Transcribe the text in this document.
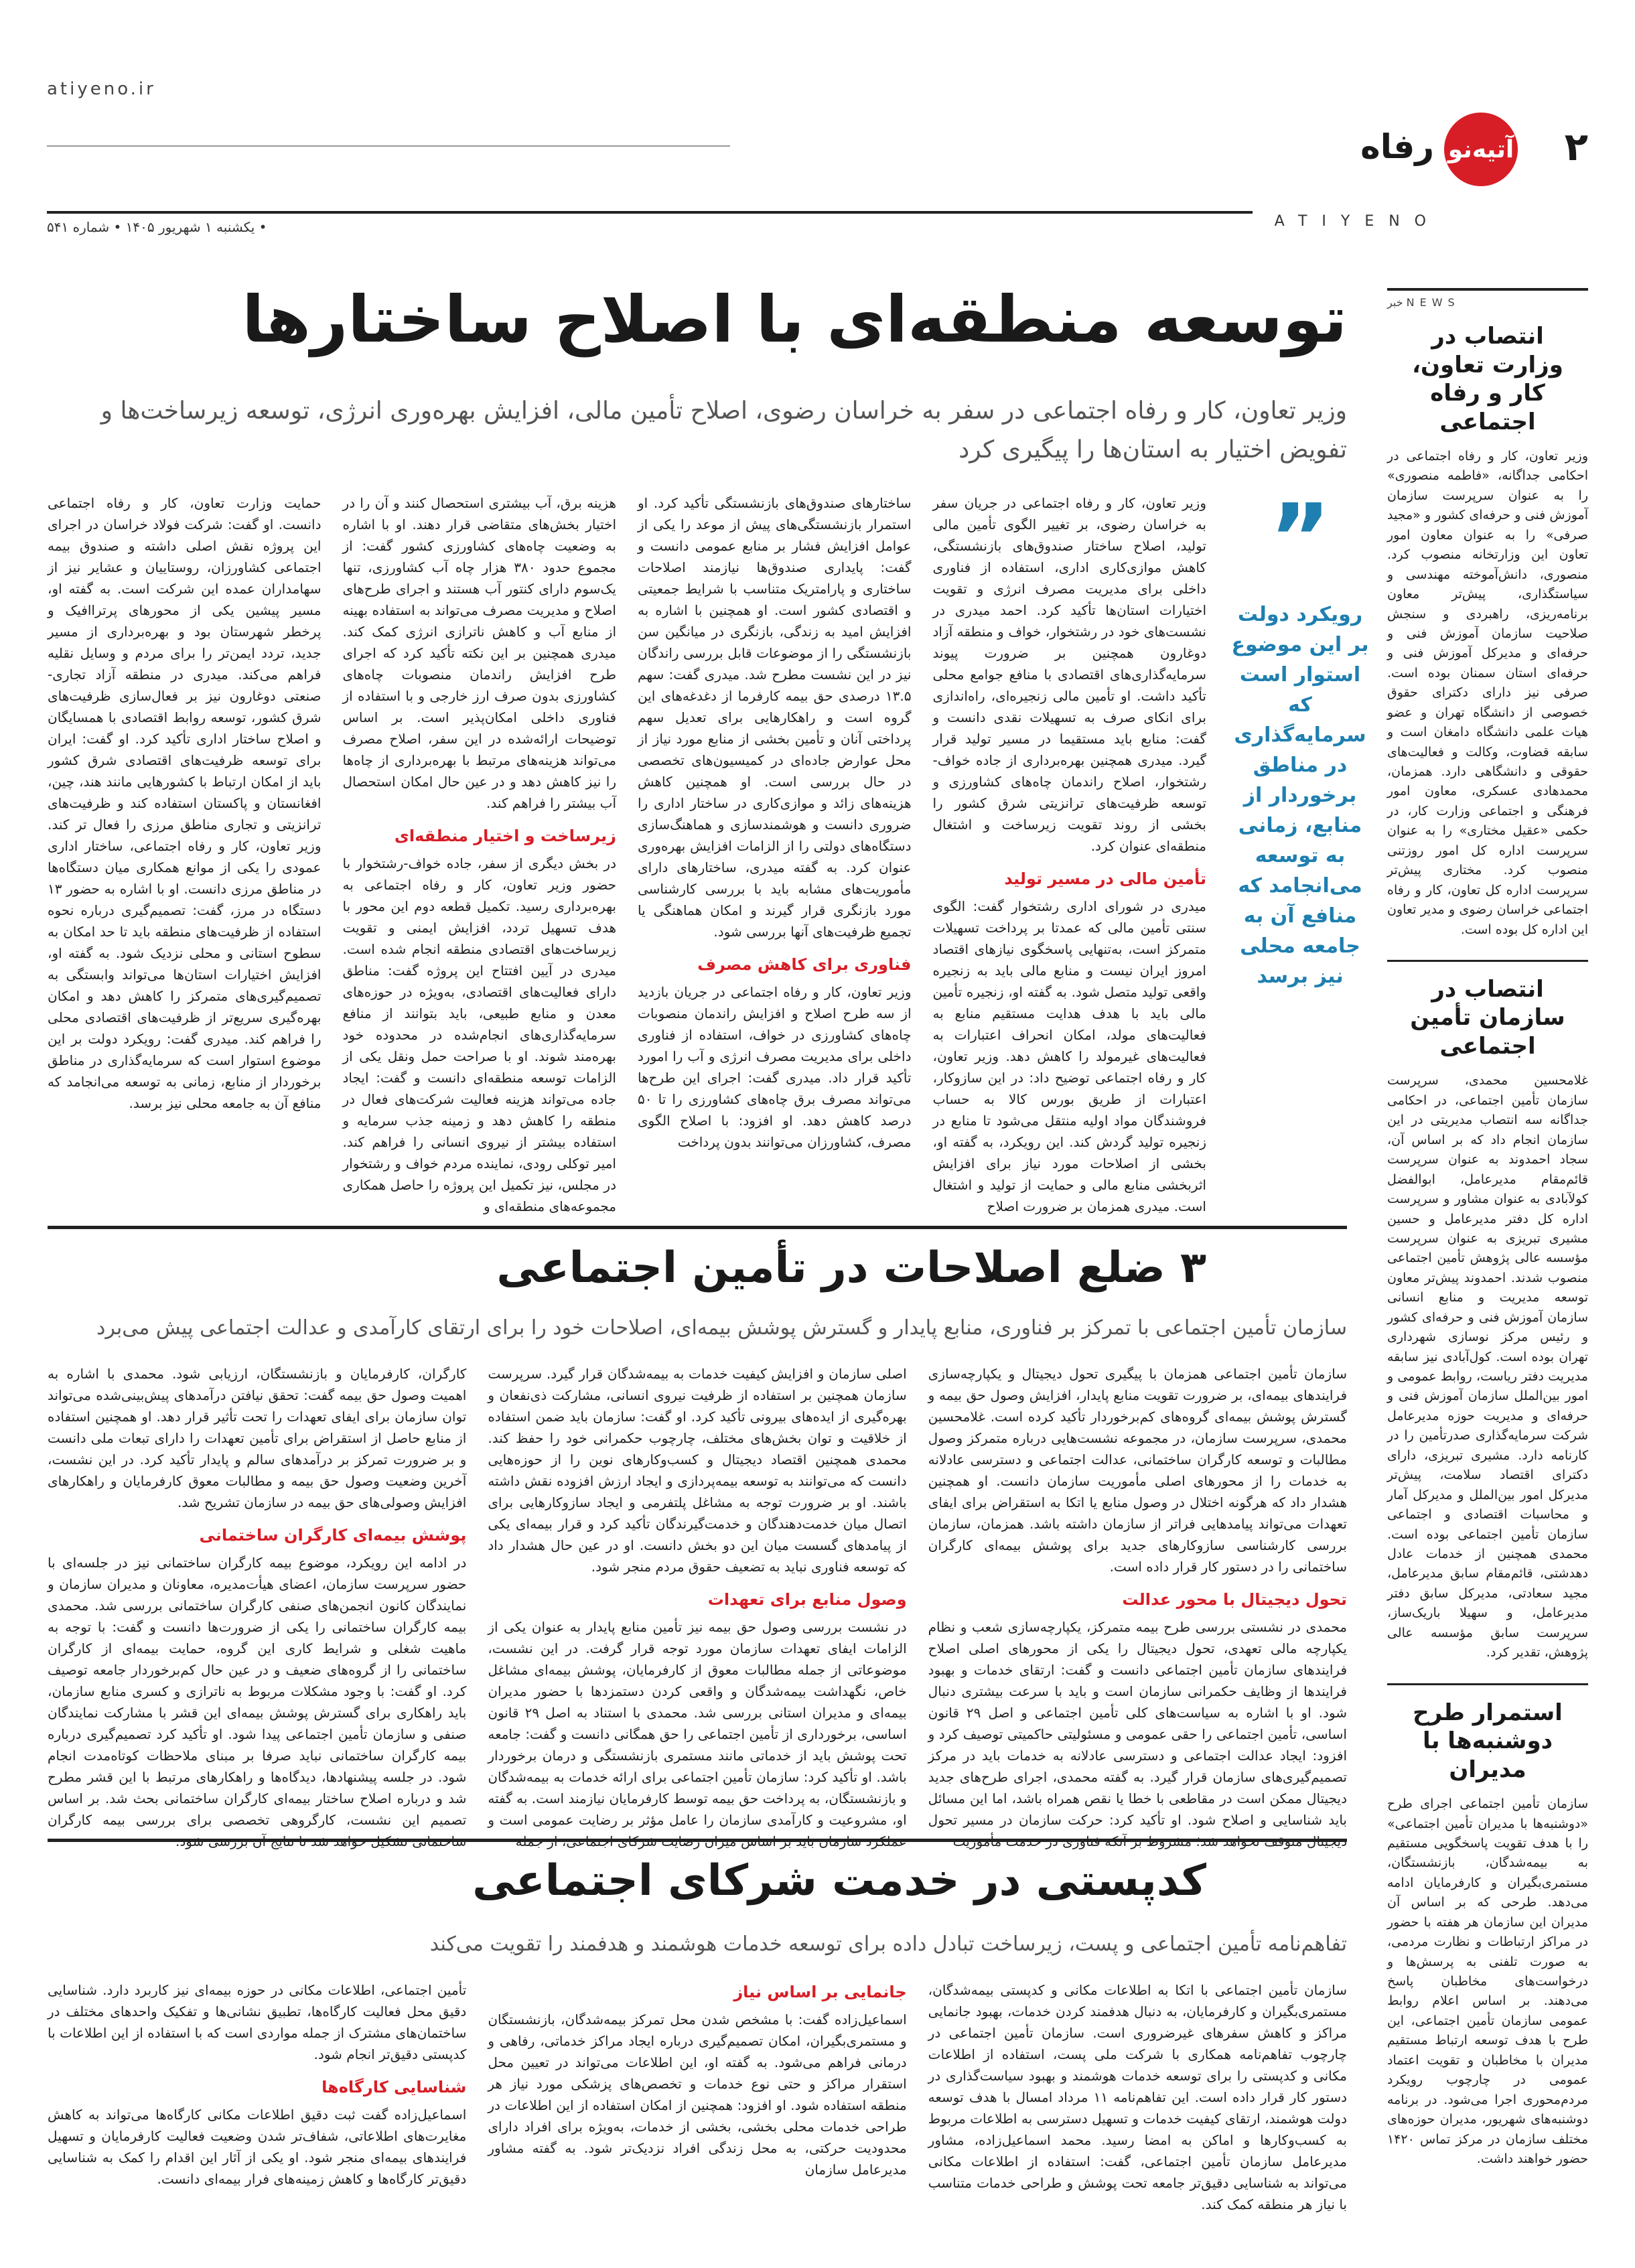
atiyeno.ir
۲
آتیه‌نو
رفاه
ATIYENO
• یکشنبه ۱ شهریور ۱۴۰۵ • شماره ۵۴۱
خبر NEWS
انتصاب در وزارت تعاون، کار و رفاه اجتماعی

وزیر تعاون، کار و رفاه اجتماعی در احکامی جداگانه، «فاطمه منصوری» را به عنوان سرپرست سازمان آموزش فنی و حرفه‌ای کشور و «مجید صرفی» را به عنوان معاون امور تعاون این وزارتخانه منصوب کرد. منصوری، دانش‌آموخته مهندسی و سیاستگذاری، پیش‌تر معاون برنامه‌ریزی، راهبردی و سنجش صلاحیت سازمان آموزش فنی و حرفه‌ای و مدیرکل آموزش فنی و حرفه‌ای استان سمنان بوده است. صرفی نیز دارای دکترای حقوق خصوصی از دانشگاه تهران و عضو هیات علمی دانشگاه دامغان است و سابقه قضاوت، وکالت و فعالیت‌های حقوقی و دانشگاهی دارد. همزمان، محمدهادی عسکری، معاون امور فرهنگی و اجتماعی وزارت کار، در حکمی «عقیل مختاری» را به عنوان سرپرست اداره کل امور روزتنی منصوب کرد. مختاری پیش‌تر سرپرست اداره کل تعاون، کار و رفاه اجتماعی خراسان رضوی و مدیر تعاون این اداره کل بوده است.

انتصاب در سازمان تأمین اجتماعی

غلامحسین محمدی، سرپرست سازمان تأمین اجتماعی، در احکامی جداگانه سه انتصاب مدیریتی در این سازمان انجام داد که بر اساس آن، سجاد احمدوند به عنوان سرپرست قائم‌مقام مدیرعامل، ابوالفضل کولآبادی به عنوان مشاور و سرپرست اداره کل دفتر مدیرعامل و حسین مشیری تبریزی به عنوان سرپرست مؤسسه عالی پژوهش تأمین اجتماعی منصوب شدند. احمدوند پیش‌تر معاون توسعه مدیریت و منابع انسانی سازمان آموزش فنی و حرفه‌ای کشور و رئیس مرکز نوسازی شهرداری تهران بوده است. کول‌آبادی نیز سابقه مدیریت دفتر ریاست، روابط عمومی و امور بین‌الملل سازمان آموزش فنی و حرفه‌ای و مدیریت حوزه مدیرعامل شرکت سرمایه‌گذاری صدرتأمین را در کارنامه دارد. مشیری تبریزی، دارای دکترای اقتصاد سلامت، پیش‌تر مدیرکل امور بین‌الملل و مدیرکل آمار و محاسبات اقتصادی و اجتماعی سازمان تأمین اجتماعی بوده است. محمدی همچنین از خدمات عادل دهدشتی، قائم‌مقام سابق مدیرعامل، مجید سعادتی، مدیرکل سابق دفتر مدیرعامل، و سهیلا باریک‌ساز، سرپرست سابق مؤسسه عالی پژوهش، تقدیر کرد.

استمرار طرح دوشنبه‌ها با مدیران

سازمان تأمین اجتماعی اجرای طرح «دوشنبه‌ها با مدیران تأمین اجتماعی» را با هدف تقویت پاسخگویی مستقیم به بیمه‌شدگان، بازنشستگان، مستمری‌بگیران و کارفرمایان ادامه می‌دهد. طرحی که بر اساس آن مدیران این سازمان هر هفته با حضور در مراکز ارتباطات و نظارت مردمی، به صورت تلفنی به پرسش‌ها و درخواست‌های مخاطبان پاسخ می‌دهند. بر اساس اعلام روابط عمومی سازمان تأمین اجتماعی، این طرح با هدف توسعه ارتباط مستقیم مدیران با مخاطبان و تقویت اعتماد عمومی در چارچوب رویکرد مردم‌محوری اجرا می‌شود. در برنامه دوشنبه‌های شهریور، مدیران حوزه‌های مختلف سازمان در مرکز تماس ۱۴۲۰ حضور خواهند داشت.

توسعه منطقه‌ای با اصلاح ساختارها
وزیر تعاون، کار و رفاه اجتماعی در سفر به خراسان رضوی، اصلاح تأمین مالی، افزایش بهره‌وری انرژی، توسعه زیرساخت‌ها و تفویض اختیار به استان‌ها را پیگیری کرد
”

رویکرد دولت بر این موضوع استوار است که سرمایه‌گذاری در مناطق برخوردار از منابع، زمانی به توسعه می‌انجامد که منافع آن به جامعه محلی نیز برسد

وزیر تعاون، کار و رفاه اجتماعی در جریان سفر به خراسان رضوی، بر تغییر الگوی تأمین مالی تولید، اصلاح ساختار صندوق‌های بازنشستگی، کاهش موازی‌کاری اداری، استفاده از فناوری داخلی برای مدیریت مصرف انرژی و تقویت اختیارات استان‌ها تأکید کرد. احمد میدری در نشست‌های خود در رشتخوار، خواف و منطقه آزاد دوغارون همچنین بر ضرورت پیوند سرمایه‌گذاری‌های اقتصادی با منافع جوامع محلی تأکید داشت. او تأمین مالی زنجیره‌ای، راه‌اندازی برای انکای صرف به تسهیلات نقدی دانست و گفت: منابع باید مستقیما در مسیر تولید قرار گیرد. میدری همچنین بهره‌برداری از جاده خواف-رشتخوار، اصلاح راندمان چاه‌های کشاورزی و توسعه ظرفیت‌های ترانزیتی شرق کشور را بخشی از روند تقویت زیرساخت و اشتغال منطقه‌ای عنوان کرد.

تأمین مالی در مسیر تولید

میدری در شورای اداری رشتخوار گفت: الگوی سنتی تأمین مالی که عمدتا بر پرداخت تسهیلات متمرکز است، به‌تنهایی پاسخگوی نیازهای اقتصاد امروز ایران نیست و منابع مالی باید به زنجیره واقعی تولید متصل شود. به گفته او، زنجیره تأمین مالی باید با هدف هدایت مستقیم منابع به فعالیت‌های مولد، امکان انحراف اعتبارات به فعالیت‌های غیرمولد را کاهش دهد. وزیر تعاون، کار و رفاه اجتماعی توضیح داد: در این سازوکار، اعتبارات از طریق بورس کالا به حساب فروشندگان مواد اولیه منتقل می‌شود تا منابع در زنجیره تولید گردش کند. این رویکرد، به گفته او، بخشی از اصلاحات مورد نیاز برای افزایش اثربخشی منابع مالی و حمایت از تولید و اشتغال است. میدری همزمان بر ضرورت اصلاح

ساختارهای صندوق‌های بازنشستگی تأکید کرد. او استمرار بازنشستگی‌های پیش از موعد را یکی از عوامل افزایش فشار بر منابع عمومی دانست و گفت: پایداری صندوق‌ها نیازمند اصلاحات ساختاری و پارامتریک متناسب با شرایط جمعیتی و اقتصادی کشور است. او همچنین با اشاره به افزایش امید به زندگی، بازنگری در میانگین سن بازنشستگی را از موضوعات قابل بررسی راندگان نیز در این نشست مطرح شد. میدری گفت: سهم ۱۳.۵ درصدی حق بیمه کارفرما از دغدغه‌های این گروه است و راهکارهایی برای تعدیل سهم پرداختی آنان و تأمین بخشی از منابع مورد نیاز از محل عوارض جاده‌ای در کمیسیون‌های تخصصی در حال بررسی است. او همچنین کاهش هزینه‌های زائد و موازی‌کاری در ساختار اداری را ضروری دانست و هوشمندسازی و هماهنگ‌سازی دستگاه‌های دولتی را از الزامات افزایش بهره‌وری عنوان کرد. به گفته میدری، ساختارهای دارای مأموریت‌های مشابه باید با بررسی کارشناسی مورد بازنگری قرار گیرند و امکان هماهنگی یا تجمیع ظرفیت‌های آنها بررسی شود.

فناوری برای کاهش مصرف

وزیر تعاون، کار و رفاه اجتماعی در جریان بازدید از سه طرح اصلاح و افزایش راندمان منصوبات چاه‌های کشاورزی در خواف، استفاده از فناوری داخلی برای مدیریت مصرف انرژی و آب را امورد تأکید قرار داد. میدری گفت: اجرای این طرح‌ها می‌تواند مصرف برق چاه‌های کشاورزی را تا ۵۰ درصد کاهش دهد. او افزود: با اصلاح الگوی مصرف، کشاورزان می‌توانند بدون پرداخت

هزینه برق، آب بیشتری استحصال کنند و آن را در اختیار بخش‌های متقاضی قرار دهند. او با اشاره به وضعیت چاه‌های کشاورزی کشور گفت: از مجموع حدود ۳۸۰ هزار چاه آب کشاورزی، تنها یک‌سوم دارای کنتور آب هستند و اجرای طرح‌های اصلاح و مدیریت مصرف می‌تواند به استفاده بهینه از منابع آب و کاهش ناترازی انرژی کمک کند. میدری همچنین بر این نکته تأکید کرد که اجرای طرح افزایش راندمان منصوبات چاه‌های کشاورزی بدون صرف ارز خارجی و با استفاده از فناوری داخلی امکان‌پذیر است. بر اساس توضیحات ارائه‌شده در این سفر، اصلاح مصرف می‌تواند هزینه‌های مرتبط با بهره‌برداری از چاه‌ها را نیز کاهش دهد و در عین حال امکان استحصال آب بیشتر را فراهم کند.

زیرساخت و اختیار منطقه‌ای

در بخش دیگری از سفر، جاده خواف-رشتخوار با حضور وزیر تعاون، کار و رفاه اجتماعی به بهره‌برداری رسید. تکمیل قطعه دوم این محور با هدف تسهیل تردد، افزایش ایمنی و تقویت زیرساخت‌های اقتصادی منطقه انجام شده است. میدری در آیین افتتاح این پروژه گفت: مناطق دارای فعالیت‌های اقتصادی، به‌ویژه در حوزه‌های معدن و منابع طبیعی، باید بتوانند از منافع سرمایه‌گذاری‌های انجام‌شده در محدوده خود بهره‌مند شوند. او با صراحت حمل ونقل یکی از الزامات توسعه منطقه‌ای دانست و گفت: ایجاد جاده می‌تواند هزینه فعالیت شرکت‌های فعال در منطقه را کاهش دهد و زمینه جذب سرمایه و استفاده بیشتر از نیروی انسانی را فراهم کند. امیر توکلی رودی، نماینده مردم خواف و رشتخوار در مجلس، نیز تکمیل این پروژه را حاصل همکاری مجموعه‌های منطقه‌ای و

حمایت وزارت تعاون، کار و رفاه اجتماعی دانست. او گفت: شرکت فولاد خراسان در اجرای این پروژه نقش اصلی داشته و صندوق بیمه اجتماعی کشاورزان، روستاییان و عشایر نیز از سهامداران عمده این شرکت است. به گفته او، مسیر پیشین یکی از محورهای پرتراافیک و پرخطر شهرستان بود و بهره‌برداری از مسیر جدید، تردد ایمن‌تر را برای مردم و وسایل نقلیه فراهم می‌کند. میدری در منطقه آزاد تجاری-صنعتی دوغارون نیز بر فعال‌سازی ظرفیت‌های شرق کشور، توسعه روابط اقتصادی با همسایگان و اصلاح ساختار اداری تأکید کرد. او گفت: ایران برای توسعه ظرفیت‌های اقتصادی شرق کشور باید از امکان ارتباط با کشورهایی مانند هند، چین، افغانستان و پاکستان استفاده کند و ظرفیت‌های ترانزیتی و تجاری مناطق مرزی را فعال تر کند. وزیر تعاون، کار و رفاه اجتماعی، ساختار اداری عمودی را یکی از موانع همکاری میان دستگاه‌ها در مناطق مرزی دانست. او با اشاره به حضور ۱۳ دستگاه در مرز، گفت: تصمیم‌گیری درباره نحوه استفاده از ظرفیت‌های منطقه باید تا حد امکان به سطوح استانی و محلی نزدیک شود. به گفته او، افزایش اختیارات استان‌ها می‌تواند وابستگی به تصمیم‌گیری‌های متمرکز را کاهش دهد و امکان بهره‌گیری سریع‌تر از ظرفیت‌های اقتصادی محلی را فراهم کند. میدری گفت: رویکرد دولت بر این موضوع استوار است که سرمایه‌گذاری در مناطق برخوردار از منابع، زمانی به توسعه می‌انجامد که منافع آن به جامعه محلی نیز برسد.

۳ ضلع اصلاحات در تأمین اجتماعی
سازمان تأمین اجتماعی با تمرکز بر فناوری، منابع پایدار و گسترش پوشش بیمه‌ای، اصلاحات خود را برای ارتقای کارآمدی و عدالت اجتماعی پیش می‌برد

سازمان تأمین اجتماعی همزمان با پیگیری تحول دیجیتال و یکپارچه‌سازی فرایندهای بیمه‌ای، بر ضرورت تقویت منابع پایدار، افزایش وصول حق بیمه و گسترش پوشش بیمه‌ای گروه‌های کم‌برخوردار تأکید کرده است. غلامحسین محمدی، سرپرست سازمان، در مجموعه نشست‌هایی درباره متمرکز وصول مطالبات و توسعه کارگران ساختمانی، عدالت اجتماعی و دسترسی عادلانه به خدمات را از محورهای اصلی مأموریت سازمان دانست. او همچنین هشدار داد که هرگونه اختلال در وصول منابع یا اتکا به استقراض برای ایفای تعهدات می‌تواند پیامدهایی فراتر از سازمان داشته باشد. همزمان، سازمان بررسی کارشناسی سازوکارهای جدید برای پوشش بیمه‌ای کارگران ساختمانی را در دستور کار قرار داده است.

تحول دیجیتال با محور عدالت

محمدی در نشستی بررسی طرح بیمه متمرکز، یکپارچه‌سازی شعب و نظام یکپارچه مالی تعهدی، تحول دیجیتال را یکی از محورهای اصلی اصلاح فرایندهای سازمان تأمین اجتماعی دانست و گفت: ارتقای خدمات و بهبود فرایندها از وظایف حکمرانی سازمان است و باید با سرعت بیشتری دنبال شود. او با اشاره به سیاست‌های کلی تأمین اجتماعی و اصل ۲۹ قانون اساسی، تأمین اجتماعی را حقی عمومی و مسئولیتی حاکمیتی توصیف کرد و افزود: ایجاد عدالت اجتماعی و دسترسی عادلانه به خدمات باید در مرکز تصمیم‌گیری‌های سازمان قرار گیرد. به گفته محمدی، اجرای طرح‌های جدید دیجیتال ممکن است در مقاطعی با خطا یا نقص همراه باشد، اما این مسائل باید شناسایی و اصلاح شود. او تأکید کرد: حرکت سازمان در مسیر تحول

اصلی سازمان و افزایش کیفیت خدمات به بیمه‌شدگان قرار گیرد. سرپرست سازمان همچنین بر استفاده از ظرفیت نیروی انسانی، مشارکت ذی‌نفعان و بهره‌گیری از ایده‌های بیرونی تأکید کرد. او گفت: سازمان باید ضمن استفاده از خلاقیت و توان بخش‌های مختلف، چارچوب حکمرانی خود را حفظ کند. محمدی همچنین اقتصاد دیجیتال و کسب‌وکارهای نوین را از حوزه‌هایی دانست که می‌توانند به توسعه بیمه‌پردازی و ایجاد ارزش افزوده نقش داشته باشند. او بر ضرورت توجه به مشاغل پلتفرمی و ایجاد سازوکارهایی برای اتصال میان خدمت‌دهندگان و خدمت‌گیرندگان تأکید کرد و قرار بیمه‌ای یکی از پیامدهای گسست میان این دو بخش دانست. او در عین حال هشدار داد که توسعه فناوری نباید به تضعیف حقوق مردم منجر شود.

وصول منابع برای تعهدات

در نشست بررسی وصول حق بیمه نیز تأمین منابع پایدار به عنوان یکی از الزامات ایفای تعهدات سازمان مورد توجه قرار گرفت. در این نشست، موضوعاتی از جمله مطالبات معوق از کارفرمایان، پوشش بیمه‌ای مشاغل خاص، نگهداشت بیمه‌شدگان و واقعی کردن دستمزدها با حضور مدیران بیمه‌ای و مدیران استانی بررسی شد. محمدی با استناد به اصل ۲۹ قانون اساسی، برخورداری از تأمین اجتماعی را حق همگانی دانست و گفت: جامعه تحت پوشش باید از خدماتی مانند مستمری بازنشستگی و درمان برخوردار باشد. او تأکید کرد: سازمان تأمین اجتماعی برای ارائه خدمات به بیمه‌شدگان و بازنشستگان، به پرداخت حق بیمه توسط کارفرمایان نیازمند است. به گفته او، مشروعیت و کارآمدی سازمان را عامل مؤثر بر رضایت عمومی است و

کارگران، کارفرمایان و بازنشستگان، ارزیابی شود. محمدی با اشاره به اهمیت وصول حق بیمه گفت: تحقق نیافتن درآمدهای پیش‌بینی‌شده می‌تواند توان سازمان برای ایفای تعهدات را تحت تأثیر قرار دهد. او همچنین استفاده از منابع حاصل از استقراض برای تأمین تعهدات را دارای تبعات ملی دانست و بر ضرورت تمرکز بر درآمدهای سالم و پایدار تأکید کرد. در این نشست، آخرین وضعیت وصول حق بیمه و مطالبات معوق کارفرمایان و راهکارهای افزایش وصولی‌های حق بیمه در سازمان تشریح شد.

پوشش بیمه‌ای کارگران ساختمانی

در ادامه این رویکرد، موضوع بیمه کارگران ساختمانی نیز در جلسه‌ای با حضور سرپرست سازمان، اعضای هیأت‌مدیره، معاونان و مدیران سازمان و نمایندگان کانون انجمن‌های صنفی کارگران ساختمانی بررسی شد. محمدی بیمه کارگران ساختمانی را یکی از ضرورت‌ها دانست و گفت: با توجه به ماهیت شغلی و شرایط کاری این گروه، حمایت بیمه‌ای از کارگران ساختمانی را از گروه‌های ضعیف و در عین حال کم‌برخوردار جامعه توصیف کرد. او گفت: با وجود مشکلات مربوط به ناترازی و کسری منابع سازمان، باید راهکاری برای گسترش پوشش بیمه‌ای این قشر با مشارکت نمایندگان صنفی و سازمان تأمین اجتماعی پیدا شود. او تأکید کرد تصمیم‌گیری درباره بیمه کارگران ساختمانی نباید صرفا بر مبنای ملاحظات کوتاه‌مدت انجام شود. در جلسه پیشنهادها، دیدگاه‌ها و راهکارهای مرتبط با این قشر مطرح شد و درباره اصلاح ساختار بیمه‌ای کارگران ساختمانی بحث شد. بر اساس تصمیم این نشست، کارگروهی تخصصی برای بررسی بیمه کارگران

کدپستی در خدمت شرکای اجتماعی
تفاهم‌نامه تأمین اجتماعی و پست، زیرساخت تبادل داده برای توسعه خدمات هوشمند و هدفمند را تقویت می‌کند

سازمان تأمین اجتماعی با اتکا به اطلاعات مکانی و کدپستی بیمه‌شدگان، مستمری‌بگیران و کارفرمایان، به دنبال هدفمند کردن خدمات، بهبود جانمایی مراکز و کاهش سفرهای غیرضروری است. سازمان تأمین اجتماعی در چارچوب تفاهم‌نامه همکاری با شرکت ملی پست، استفاده از اطلاعات مکانی و کدپستی را برای توسعه خدمات هوشمند و بهبود سیاست‌گذاری در دستور کار قرار داده است. این تفاهم‌نامه ۱۱ مرداد امسال با هدف توسعه دولت هوشمند، ارتقای کیفیت خدمات و تسهیل دسترسی به اطلاعات مربوط به کسب‌وکارها و اماکن به امضا رسید. محمد اسماعیل‌زاده، مشاور مدیرعامل سازمان تأمین اجتماعی، گفت: استفاده از اطلاعات مکانی می‌تواند به شناسایی دقیق‌تر جامعه تحت پوشش و طراحی خدمات متناسب با نیاز هر منطقه کمک کند.

جانمایی بر اساس نیاز

اسماعیل‌زاده گفت: با مشخص شدن محل تمرکز بیمه‌شدگان، بازنشستگان و مستمری‌بگیران، امکان تصمیم‌گیری درباره ایجاد مراکز خدماتی، رفاهی و درمانی فراهم می‌شود. به گفته او، این اطلاعات می‌تواند در تعیین محل استقرار مراکز و حتی نوع خدمات و تخصص‌های پزشکی مورد نیاز هر منطقه استفاده شود. او افزود: همچنین از امکان استفاده از این اطلاعات در طراحی خدمات محلی بخشی، بخشی از خدمات، به‌ویژه برای افراد دارای محدودیت حرکتی، به محل زندگی افراد نزدیک‌تر شود. به گفته مشاور مدیرعامل سازمان

تأمین اجتماعی، اطلاعات مکانی در حوزه بیمه‌ای نیز کاربرد دارد. شناسایی دقیق محل فعالیت کارگاه‌ها، تطبیق نشانی‌ها و تفکیک واحدهای مختلف در ساختمان‌های مشترک از جمله مواردی است که با استفاده از این اطلاعات با کدپستی دقیق‌تر انجام شود.

شناسایی کارگاه‌ها

اسماعیل‌زاده گفت ثبت دقیق اطلاعات مکانی کارگاه‌ها می‌تواند به کاهش مغایرت‌های اطلاعاتی، شفاف‌تر شدن وضعیت فعالیت کارفرمایان و تسهیل فرایندهای بیمه‌ای منجر شود. او یکی از آثار این اقدام را کمک به شناسایی دقیق‌تر کارگاه‌ها و کاهش زمینه‌های فرار بیمه‌ای دانست.
